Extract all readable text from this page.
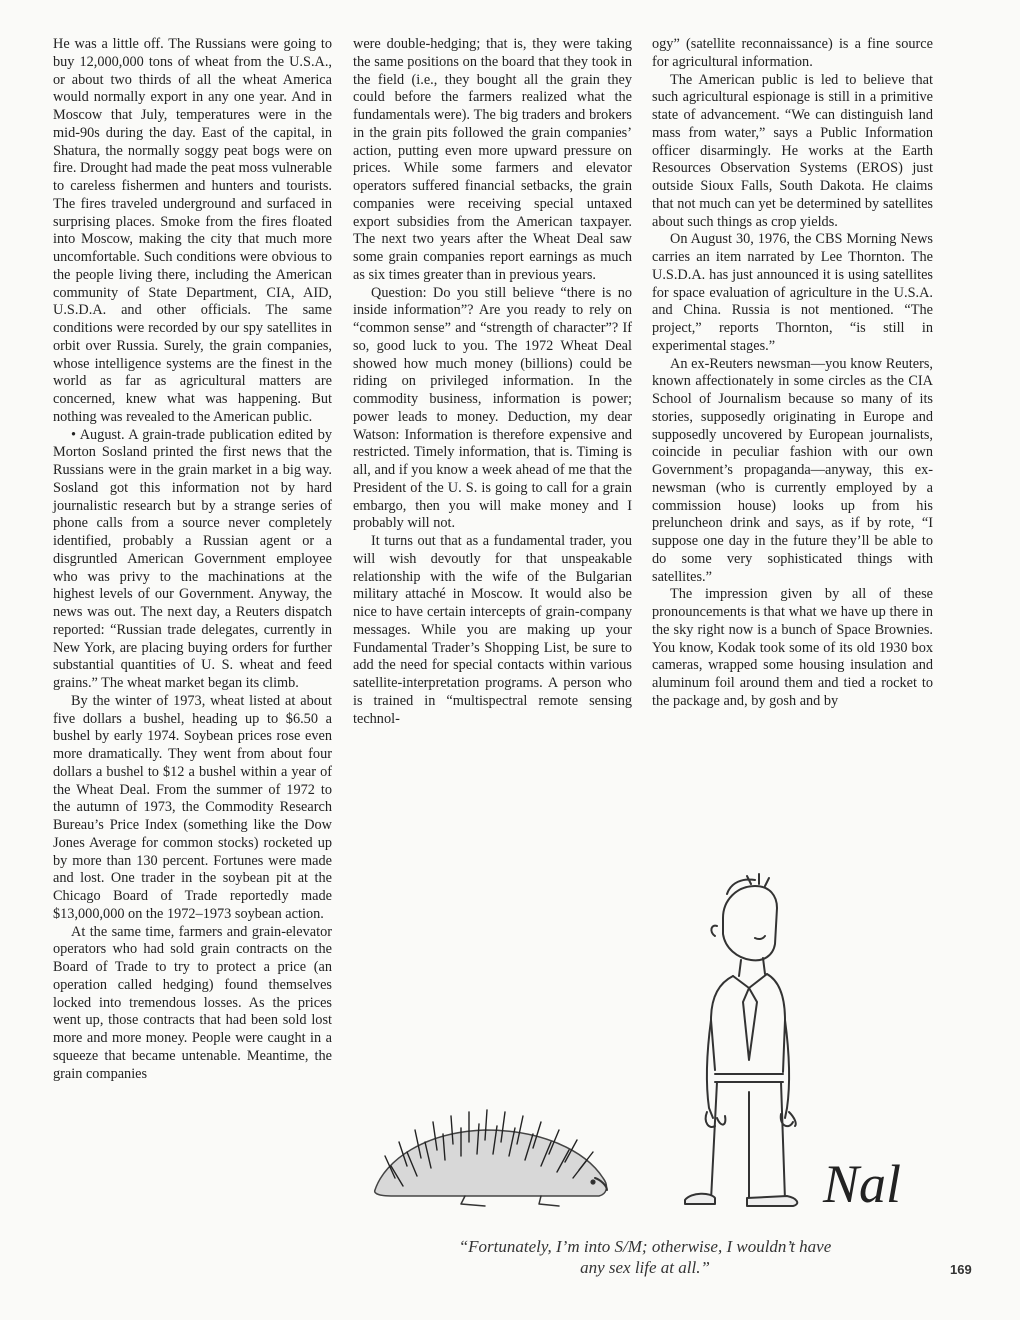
He was a little off. The Russians were going to buy 12,000,000 tons of wheat from the U.S.A., or about two thirds of all the wheat America would normally export in any one year. And in Moscow that July, temperatures were in the mid-90s during the day. East of the capital, in Shatura, the normally soggy peat bogs were on fire. Drought had made the peat moss vulnerable to careless fishermen and hunters and tourists. The fires traveled underground and surfaced in surprising places. Smoke from the fires floated into Moscow, making the city that much more uncomfortable. Such conditions were obvious to the people living there, including the American community of State Department, CIA, AID, U.S.D.A. and other officials. The same conditions were recorded by our spy satellites in orbit over Russia. Surely, the grain companies, whose intelligence systems are the finest in the world as far as agricultural matters are concerned, knew what was happening. But nothing was revealed to the American public.

• August. A grain-trade publication edited by Morton Sosland printed the first news that the Russians were in the grain market in a big way. Sosland got this information not by hard journalistic research but by a strange series of phone calls from a source never completely identified, probably a Russian agent or a disgruntled American Government employee who was privy to the machinations at the highest levels of our Government. Anyway, the news was out. The next day, a Reuters dispatch reported: “Russian trade delegates, currently in New York, are placing buying orders for further substantial quantities of U. S. wheat and feed grains.” The wheat market began its climb.

By the winter of 1973, wheat listed at about five dollars a bushel, heading up to $6.50 a bushel by early 1974. Soybean prices rose even more dramatically. They went from about four dollars a bushel to $12 a bushel within a year of the Wheat Deal. From the summer of 1972 to the autumn of 1973, the Commodity Research Bureau’s Price Index (something like the Dow Jones Average for common stocks) rocketed up by more than 130 percent. Fortunes were made and lost. One trader in the soybean pit at the Chicago Board of Trade reportedly made $13,000,000 on the 1972–1973 soybean action.

At the same time, farmers and grain-elevator operators who had sold grain contracts on the Board of Trade to try to protect a price (an operation called hedging) found themselves locked into tremendous losses. As the prices went up, those contracts that had been sold lost more and more money. People were caught in a squeeze that became untenable. Meantime, the grain companies

were double-hedging; that is, they were taking the same positions on the board that they took in the field (i.e., they bought all the grain they could before the farmers realized what the fundamentals were). The big traders and brokers in the grain pits followed the grain companies’ action, putting even more upward pressure on prices. While some farmers and elevator operators suffered financial setbacks, the grain companies were receiving special untaxed export subsidies from the American taxpayer. The next two years after the Wheat Deal saw some grain companies report earnings as much as six times greater than in previous years.

Question: Do you still believe “there is no inside information”? Are you ready to rely on “common sense” and “strength of character”? If so, good luck to you. The 1972 Wheat Deal showed how much money (billions) could be riding on privileged information. In the commodity business, information is power; power leads to money. Deduction, my dear Watson: Information is therefore expensive and restricted. Timely information, that is. Timing is all, and if you know a week ahead of me that the President of the U. S. is going to call for a grain embargo, then you will make money and I probably will not.

It turns out that as a fundamental trader, you will wish devoutly for that unspeakable relationship with the wife of the Bulgarian military attaché in Moscow. It would also be nice to have certain intercepts of grain-company messages. While you are making up your Fundamental Trader’s Shopping List, be sure to add the need for special contacts within various satellite-interpretation programs. A person who is trained in “multispectral remote sensing technol-

ogy” (satellite reconnaissance) is a fine source for agricultural information.

The American public is led to believe that such agricultural espionage is still in a primitive state of advancement. “We can distinguish land mass from water,” says a Public Information officer disarmingly. He works at the Earth Resources Observation Systems (EROS) just outside Sioux Falls, South Dakota. He claims that not much can yet be determined by satellites about such things as crop yields.

On August 30, 1976, the CBS Morning News carries an item narrated by Lee Thornton. The U.S.D.A. has just announced it is using satellites for space evaluation of agriculture in the U.S.A. and China. Russia is not mentioned. “The project,” reports Thornton, “is still in experimental stages.”

An ex-Reuters newsman—you know Reuters, known affectionately in some circles as the CIA School of Journalism because so many of its stories, supposedly originating in Europe and supposedly uncovered by European journalists, coincide in peculiar fashion with our own Government’s propaganda—anyway, this ex-newsman (who is currently employed by a commission house) looks up from his preluncheon drink and says, as if by rote, “I suppose one day in the future they’ll be able to do some very sophisticated things with satellites.”

The impression given by all of these pronouncements is that what we have up there in the sky right now is a bunch of Space Brownies. You know, Kodak took some of its old 1930 box cameras, wrapped some housing insulation and aluminum foil around them and tied a rocket to the package and, by gosh and by

Nal
“Fortunately, I’m into S/M; otherwise, I wouldn’t have
any sex life at all.”	169
